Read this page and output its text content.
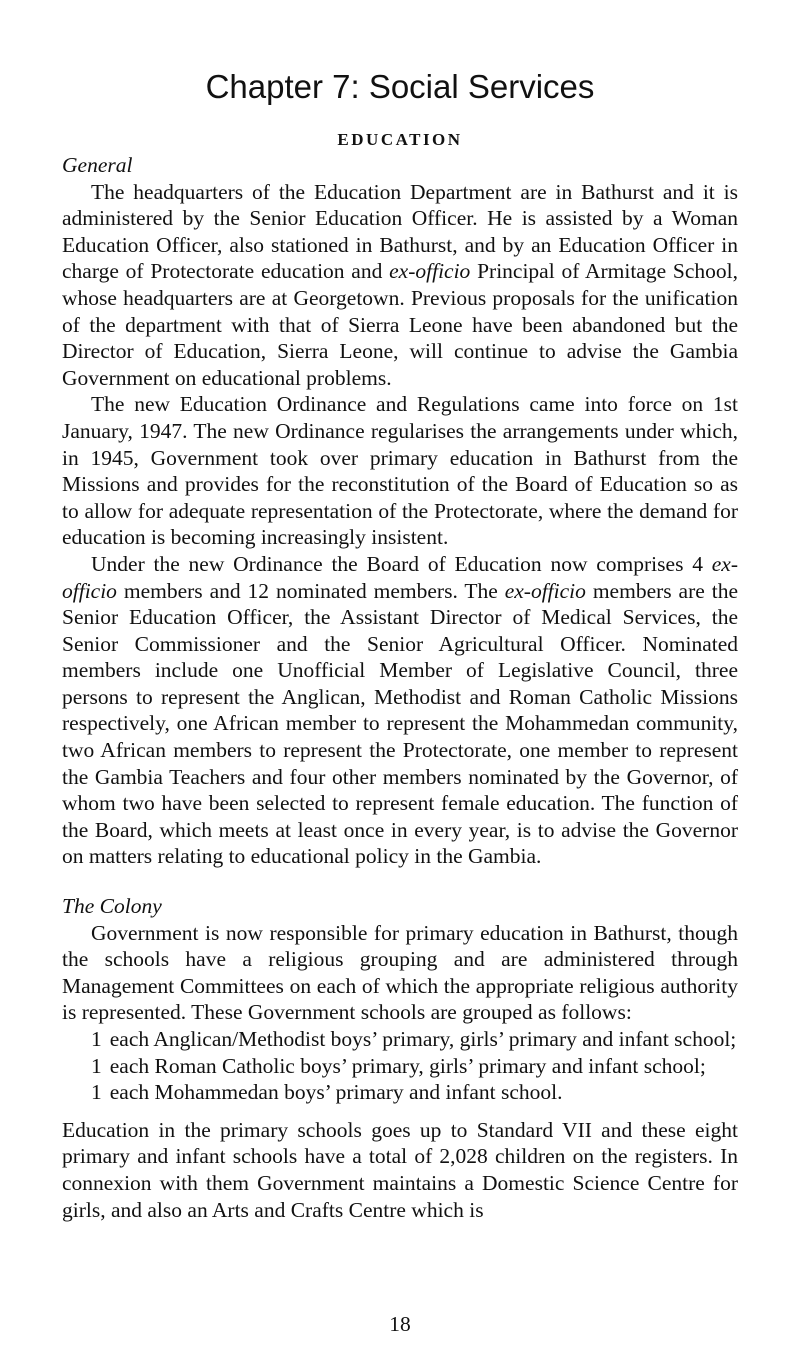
Chapter 7: Social Services
EDUCATION

General

The headquarters of the Education Department are in Bathurst and it is administered by the Senior Education Officer. He is assisted by a Woman Education Officer, also stationed in Bathurst, and by an Education Officer in charge of Protectorate education and ex-officio Principal of Armitage School, whose headquarters are at Georgetown. Previous proposals for the unification of the department with that of Sierra Leone have been abandoned but the Director of Education, Sierra Leone, will continue to advise the Gambia Government on educational problems.

The new Education Ordinance and Regulations came into force on 1st January, 1947. The new Ordinance regularises the arrangements under which, in 1945, Government took over primary education in Bathurst from the Missions and provides for the reconstitution of the Board of Education so as to allow for adequate representation of the Protectorate, where the demand for education is becoming increasingly insistent.

Under the new Ordinance the Board of Education now comprises 4 ex-officio members and 12 nominated members. The ex-officio members are the Senior Education Officer, the Assistant Director of Medical Services, the Senior Commissioner and the Senior Agricultural Officer. Nominated members include one Unofficial Member of Legislative Council, three persons to represent the Anglican, Methodist and Roman Catholic Missions respectively, one African member to represent the Mohammedan community, two African members to represent the Protectorate, one member to represent the Gambia Teachers and four other members nominated by the Governor, of whom two have been selected to represent female education. The function of the Board, which meets at least once in every year, is to advise the Governor on matters relating to educational policy in the Gambia.

The Colony

Government is now responsible for primary education in Bathurst, though the schools have a religious grouping and are administered through Management Committees on each of which the appropriate religious authority is represented. These Government schools are grouped as follows:

1 each Anglican/Methodist boys’ primary, girls’ primary and infant school;
1 each Roman Catholic boys’ primary, girls’ primary and infant school;
1 each Mohammedan boys’ primary and infant school.

Education in the primary schools goes up to Standard VII and these eight primary and infant schools have a total of 2,028 children on the registers. In connexion with them Government maintains a Domestic Science Centre for girls, and also an Arts and Crafts Centre which is

18
